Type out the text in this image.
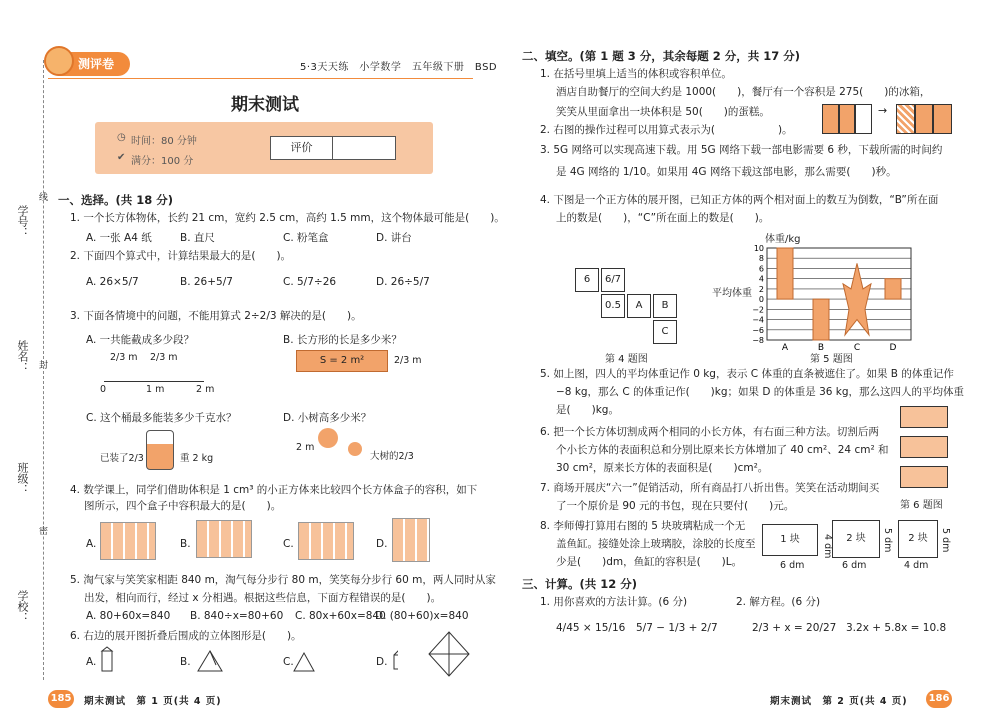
测评卷	5·3天天练　小学数学　五年级下册　BSD
期末测试
◷ 时间：80 分钟
✔ 满分：100 分
评价
学号：
姓名：
班级：
学校：
线
封
密
一、选择。(共 18 分)
1. 一个长方体物体，长约 21 cm，宽约 2.5 cm，高约 1.5 mm，这个物体最可能是(　　)。
A. 一张 A4 纸	B. 直尺	C. 粉笔盒	D. 讲台
2. 下面四个算式中，计算结果最大的是(　　)。
A. 26×5/7	B. 26+5/7	C. 5/7÷26	D. 26÷5/7
3. 下面各情境中的问题，不能用算式 2÷2/3 解决的是(　　)。
A. 一共能截成多少段？	B. 长方形的长是多少米？
2/3 m 2/3 m
0	1 m	2 m
S = 2 m²	2/3 m
C. 这个桶最多能装多少千克水？	D. 小树高多少米？
已装了2/3	重 2 kg
2 m
大树的2/3
4. 数学课上，同学们借助体积是 1 cm³ 的小正方体来比较四个长方体盒子的容积，如下
图所示，四个盒子中容积最大的是(　　)。
A.	B.	C.	D.
5. 淘气家与笑笑家相距 840 m，淘气每分步行 80 m，笑笑每分步行 60 m，两人同时从家
出发，相向而行，经过 x 分相遇。根据这些信息，下面方程错误的是(　　)。
A. 80+60x=840 B. 840÷x=80+60 C. 80x+60x=840
D. (80+60)x=840
6. 右边的展开图折叠后围成的立体图形是(　　)。
A.	B.	C.	D.
185 期末测试　第 1 页(共 4 页)
二、填空。(第 1 题 3 分，其余每题 2 分，共 17 分)
1. 在括号里填上适当的体积或容积单位。
酒店自助餐厅的空间大约是 1000(　　)，餐厅有一个容积是 275(　　)的冰箱，
笑笑从里面拿出一块体积是 50(　　)的蛋糕。	→
2. 右图的操作过程可以用算式表示为(　　　　　　)。
3. 5G 网络可以实现高速下载。用 5G 网络下载一部电影需要 6 秒，下载所需的时间约
是 4G 网络的 1/10。如果用 4G 网络下载这部电影，那么需要(　　)秒。
4. 下图是一个正方体的展开图，已知正方体的两个相对面上的数互为倒数，“B”所在面
上的数是(　　)，“C”所在面上的数是(　　)。
6	6/7
0.5	A	B
C
第 4 题图
平均体重
体重/kg
10
8
6
4
2
0
−2
−4
−6
−8
A	B	C	D
第 5 题图
5. 如上图，四人的平均体重记作 0 kg，表示 C 体重的直条被遮住了。如果 B 的体重记作
−8 kg，那么 C 的体重记作(　　)kg；如果 D 的体重是 36 kg，那么这四人的平均体重
是(　　)kg。
6. 把一个长方体切割成两个相同的小长方体，有右面三种方法。切割后两
个小长方体的表面积总和分别比原来长方体增加了 40 cm²、24 cm² 和
30 cm²，原来长方体的表面积是(　　)cm²。
第 6 题图
7. 商场开展庆“六一”促销活动，所有商品打八折出售。笑笑在活动期间买
了一个原价是 90 元的书包，现在只要付(　　)元。
8. 李师傅打算用右图的 5 块玻璃粘成一个无
盖鱼缸。接缝处涂上玻璃胶，涂胶的长度至
少是(　　)dm，鱼缸的容积是(　　)L。
1 块
6 dm
4 dm	2 块
6 dm
5 dm	2 块
4 dm
5 dm
三、计算。(共 12 分)
1. 用你喜欢的方法计算。(6 分)	2. 解方程。(6 分)
4/45 × 15/16 5/7 − 1/3 + 2/7	2/3 + x = 20/27 3.2x + 5.8x = 10.8
期末测试　第 2 页(共 4 页) 186
